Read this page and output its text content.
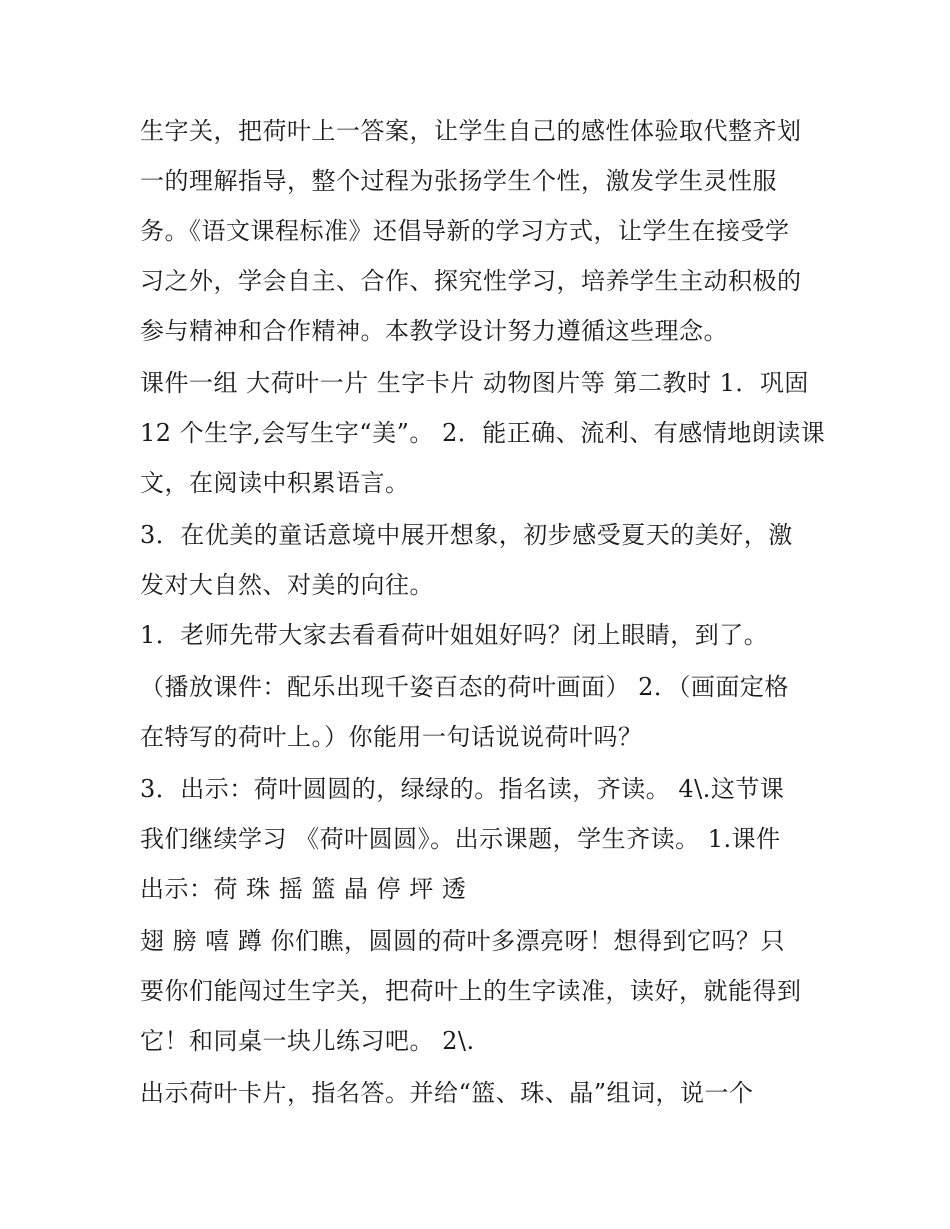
生字关，把荷叶上一答案，让学生自己的感性体验取代整齐划
一的理解指导，整个过程为张扬学生个性，激发学生灵性服
务。《语文课程标准》还倡导新的学习方式，让学生在接受学
习之外，学会自主、合作、探究性学习，培养学生主动积极的
参与精神和合作精神。本教学设计努力遵循这些理念。
课件一组 大荷叶一片 生字卡片 动物图片等 第二教时 1．巩固
12 个生字,会写生字“美”。 2．能正确、流利、有感情地朗读课
文，在阅读中积累语言。
3．在优美的童话意境中展开想象，初步感受夏天的美好，激
发对大自然、对美的向往。
1．老师先带大家去看看荷叶姐姐好吗？闭上眼睛，到了。
（播放课件：配乐出现千姿百态的荷叶画面） 2．（画面定格
在特写的荷叶上。）你能用一句话说说荷叶吗？
3．出示：荷叶圆圆的，绿绿的。指名读，齐读。 4\.这节课
我们继续学习 《荷叶圆圆》。出示课题，学生齐读。 1.课件
出示：荷 珠 摇 篮 晶 停 坪 透
翅 膀 嘻 蹲 你们瞧，圆圆的荷叶多漂亮呀！想得到它吗？只
要你们能闯过生字关，把荷叶上的生字读准，读好，就能得到
它！和同桌一块儿练习吧。 2\.
出示荷叶卡片，指名答。并给“篮、珠、晶”组词，说一个
